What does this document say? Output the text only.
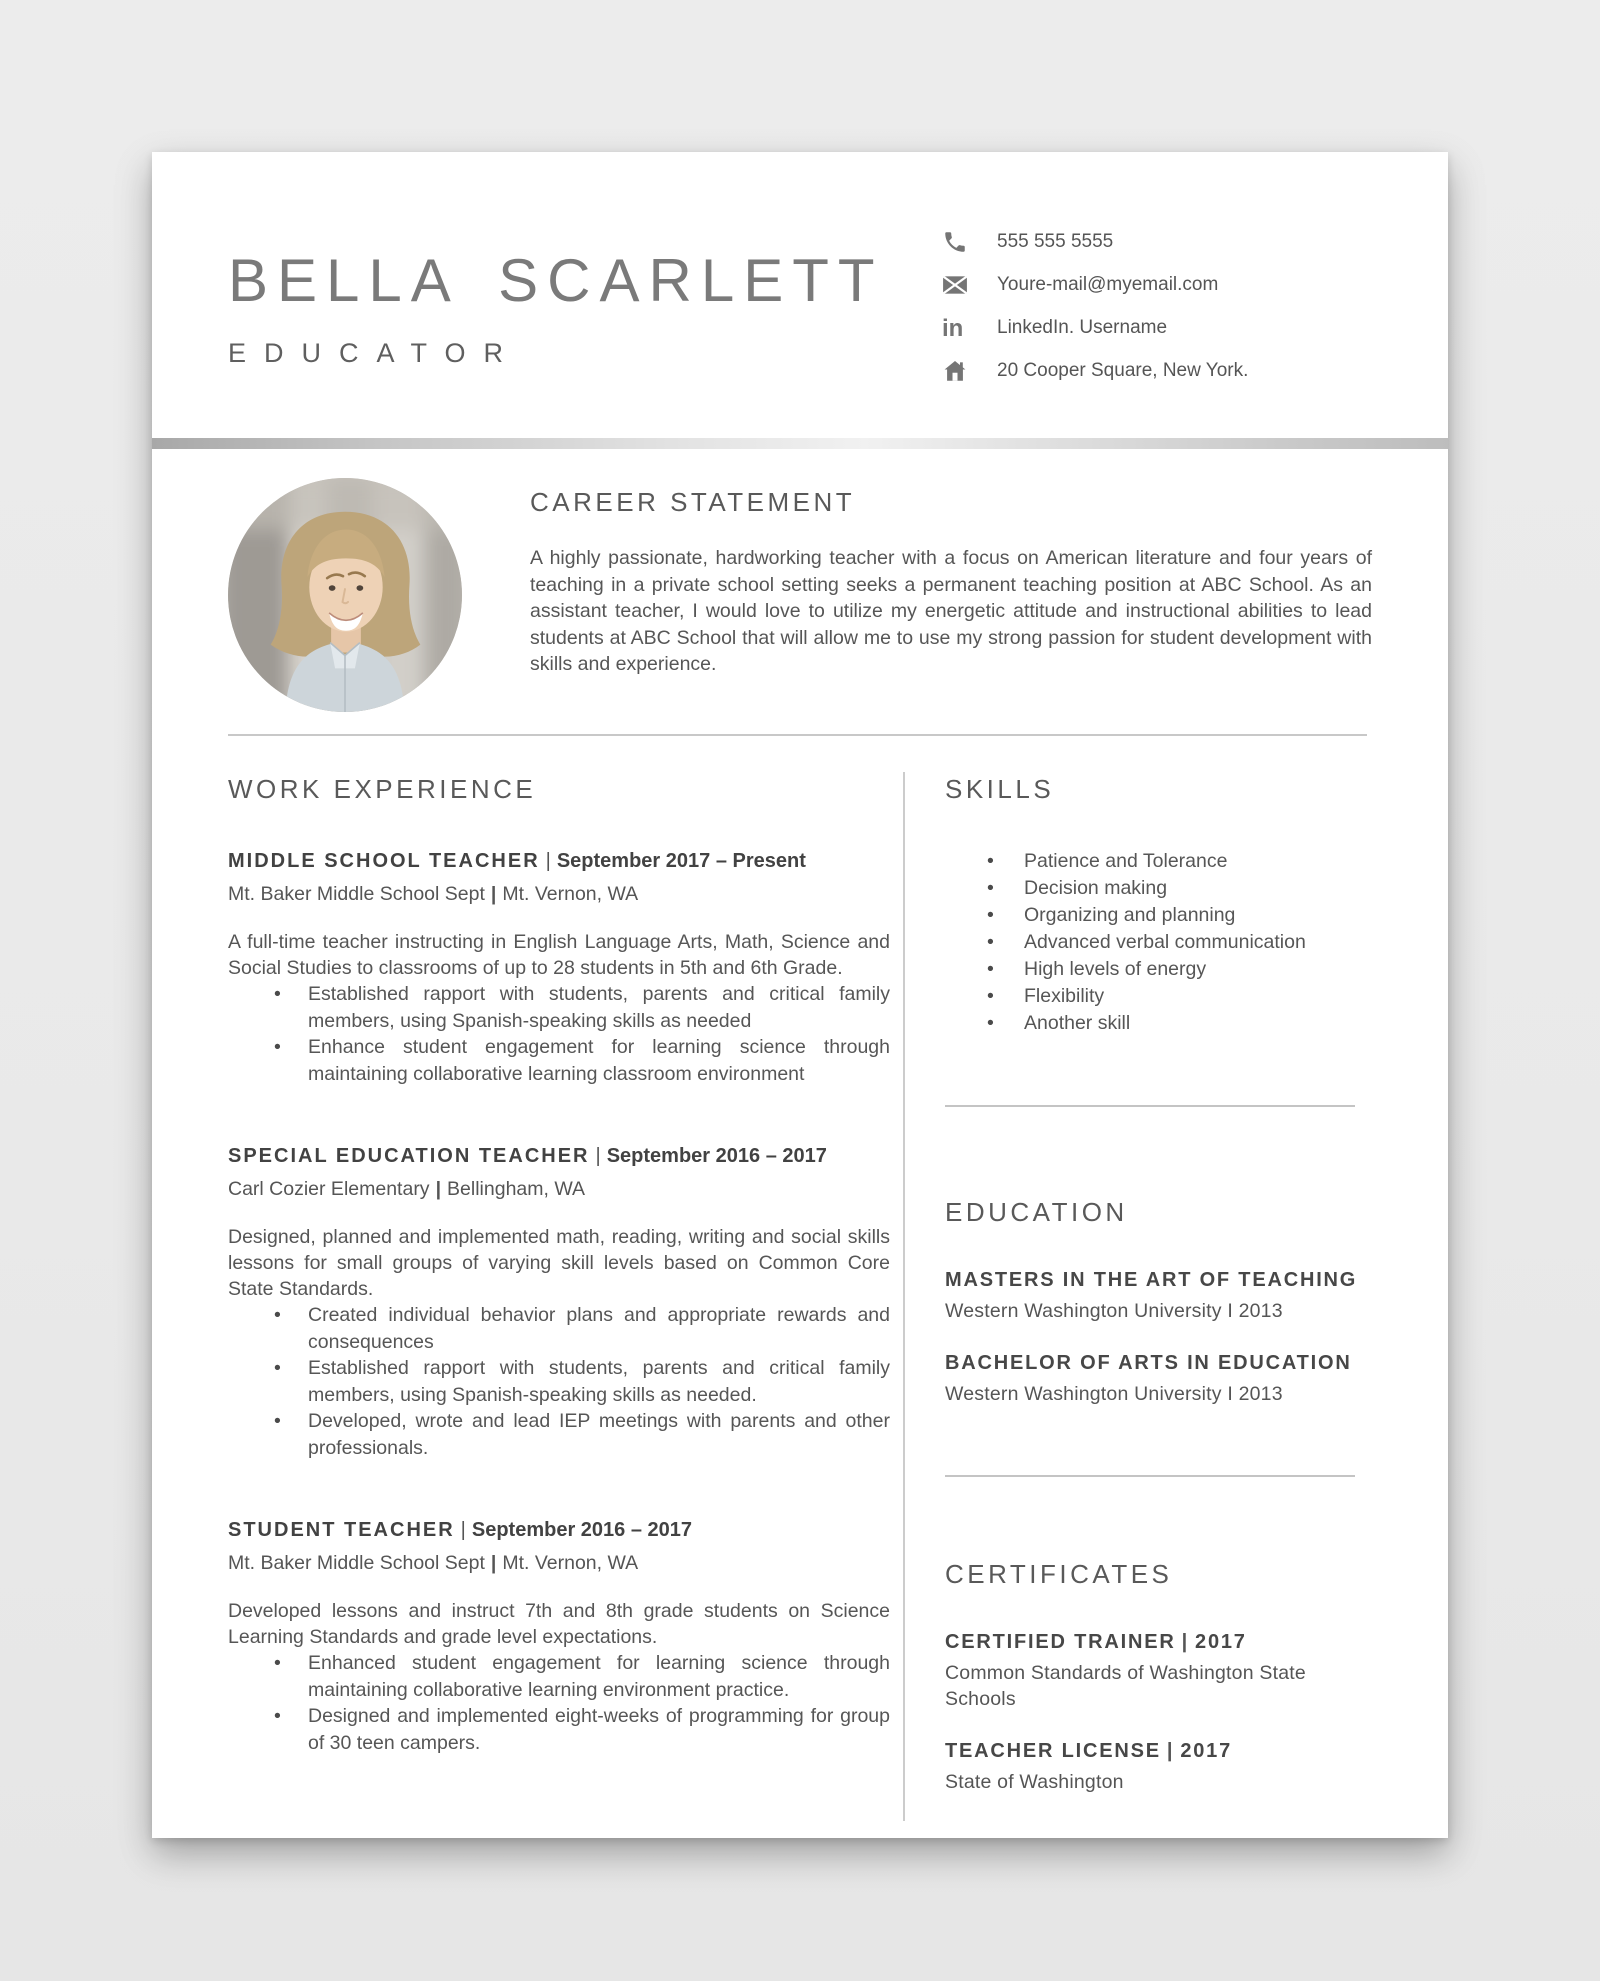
BELLA SCARLETT
EDUCATOR
555 555 5555
Youre-mail@myemail.com
in LinkedIn. Username
20 Cooper Square, New York.
CAREER STATEMENT

A highly passionate, hardworking teacher with a focus on American literature and four years of teaching in a private school setting seeks a permanent teaching position at ABC School. As an assistant teacher, I would love to utilize my energetic attitude and instructional abilities to lead students at ABC School that will allow me to use my strong passion for student development with skills and experience.

WORK EXPERIENCE
MIDDLE SCHOOL TEACHER | September 2017 – Present
Mt. Baker Middle School Sept | Mt. Vernon, WA

A full-time teacher instructing in English Language Arts, Math, Science and Social Studies to classrooms of up to 28 students in 5th and 6th Grade.

• Established rapport with students, parents and critical family members, using Spanish-speaking skills as needed
• Enhance student engagement for learning science through maintaining collaborative learning classroom environment
SPECIAL EDUCATION TEACHER | September 2016 – 2017
Carl Cozier Elementary | Bellingham, WA

Designed, planned and implemented math, reading, writing and social skills lessons for small groups of varying skill levels based on Common Core State Standards.

• Created individual behavior plans and appropriate rewards and consequences
• Established rapport with students, parents and critical family members, using Spanish-speaking skills as needed.
• Developed, wrote and lead IEP meetings with parents and other professionals.
STUDENT TEACHER | September 2016 – 2017
Mt. Baker Middle School Sept | Mt. Vernon, WA

Developed lessons and instruct 7th and 8th grade students on Science Learning Standards and grade level expectations.

• Enhanced student engagement for learning science through maintaining collaborative learning environment practice.
• Designed and implemented eight-weeks of programming for group of 30 teen campers.
SKILLS
• Patience and Tolerance
• Decision making
• Organizing and planning
• Advanced verbal communication
• High levels of energy
• Flexibility
• Another skill
EDUCATION
MASTERS IN THE ART OF TEACHING
Western Washington University I 2013
BACHELOR OF ARTS IN EDUCATION
Western Washington University I 2013
CERTIFICATES
CERTIFIED TRAINER | 2017
Common Standards of Washington State Schools
TEACHER LICENSE | 2017
State of Washington
